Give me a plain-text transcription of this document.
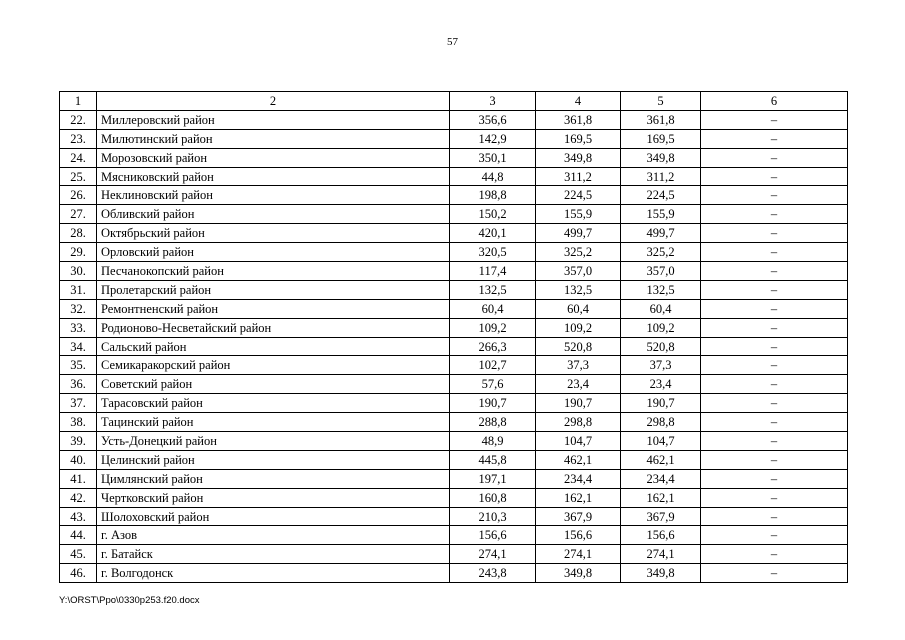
57
1	2	3	4	5	6
22.	Миллеровский район	356,6	361,8	361,8	–
23.	Милютинский район	142,9	169,5	169,5	–
24.	Морозовский район	350,1	349,8	349,8	–
25.	Мясниковский район	44,8	311,2	311,2	–
26.	Неклиновский район	198,8	224,5	224,5	–
27.	Обливский район	150,2	155,9	155,9	–
28.	Октябрьский район	420,1	499,7	499,7	–
29.	Орловский район	320,5	325,2	325,2	–
30.	Песчанокопский район	117,4	357,0	357,0	–
31.	Пролетарский район	132,5	132,5	132,5	–
32.	Ремонтненский район	60,4	60,4	60,4	–
33.	Родионово-Несветайский район	109,2	109,2	109,2	–
34.	Сальский район	266,3	520,8	520,8	–
35.	Семикаракорский район	102,7	37,3	37,3	–
36.	Советский район	57,6	23,4	23,4	–
37.	Тарасовский район	190,7	190,7	190,7	–
38.	Тацинский район	288,8	298,8	298,8	–
39.	Усть-Донецкий район	48,9	104,7	104,7	–
40.	Целинский район	445,8	462,1	462,1	–
41.	Цимлянский район	197,1	234,4	234,4	–
42.	Чертковский район	160,8	162,1	162,1	–
43.	Шолоховский район	210,3	367,9	367,9	–
44.	г. Азов	156,6	156,6	156,6	–
45.	г. Батайск	274,1	274,1	274,1	–
46.	г. Волгодонск	243,8	349,8	349,8	–
Y:\ORST\Ppo\0330p253.f20.docx
